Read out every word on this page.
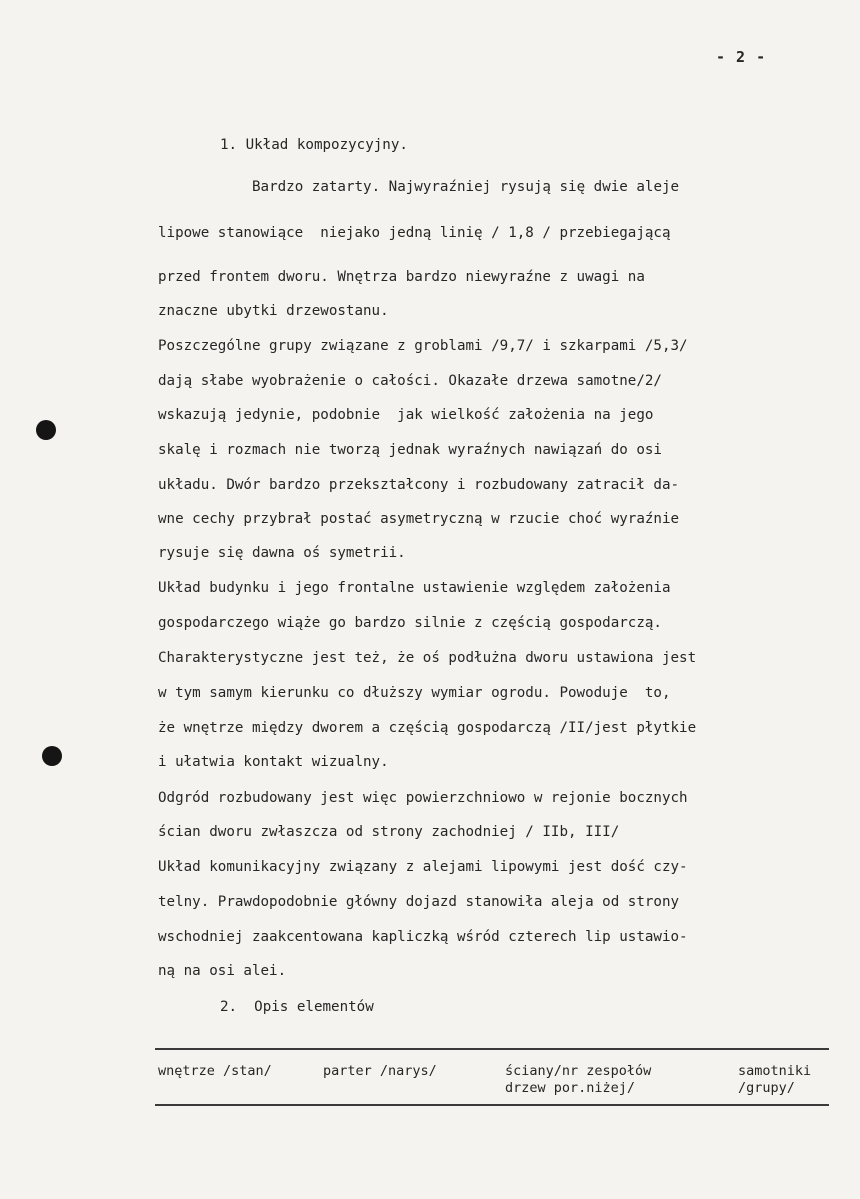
- 2 -
1. Układ kompozycyjny.
Bardzo zatarty. Najwyraźniej rysują się dwie aleje
lipowe stanowiące  niejako jedną linię / 1,8 / przebiegającą
przed frontem dworu. Wnętrza bardzo niewyraźne z uwagi na
znaczne ubytki drzewostanu.
Poszczególne grupy związane z groblami /9,7/ i szkarpami /5,3/
dają słabe wyobrażenie o całości. Okazałe drzewa samotne/2/
wskazują jedynie, podobnie  jak wielkość założenia na jego
skalę i rozmach nie tworzą jednak wyraźnych nawiązań do osi
układu. Dwór bardzo przekształcony i rozbudowany zatracił da-
wne cechy przybrał postać asymetryczną w rzucie choć wyraźnie
rysuje się dawna oś symetrii.
Układ budynku i jego frontalne ustawienie względem założenia
gospodarczego wiąże go bardzo silnie z częścią gospodarczą.
Charakterystyczne jest też, że oś podłużna dworu ustawiona jest
w tym samym kierunku co dłuższy wymiar ogrodu. Powoduje  to,
że wnętrze między dworem a częścią gospodarczą /II/jest płytkie
i ułatwia kontakt wizualny.
Odgród rozbudowany jest więc powierzchniowo w rejonie bocznych
ścian dworu zwłaszcza od strony zachodniej / IIb, III/
Układ komunikacyjny związany z alejami lipowymi jest dość czy-
telny. Prawdopodobnie główny dojazd stanowiła aleja od strony
wschodniej zaakcentowana kapliczką wśród czterech lip ustawio-
ną na osi alei.
2.  Opis elementów
wnętrze /stan/	parter /narys/	ściany/nr zespołów
drzew por.niżej/
samotniki
/grupy/
